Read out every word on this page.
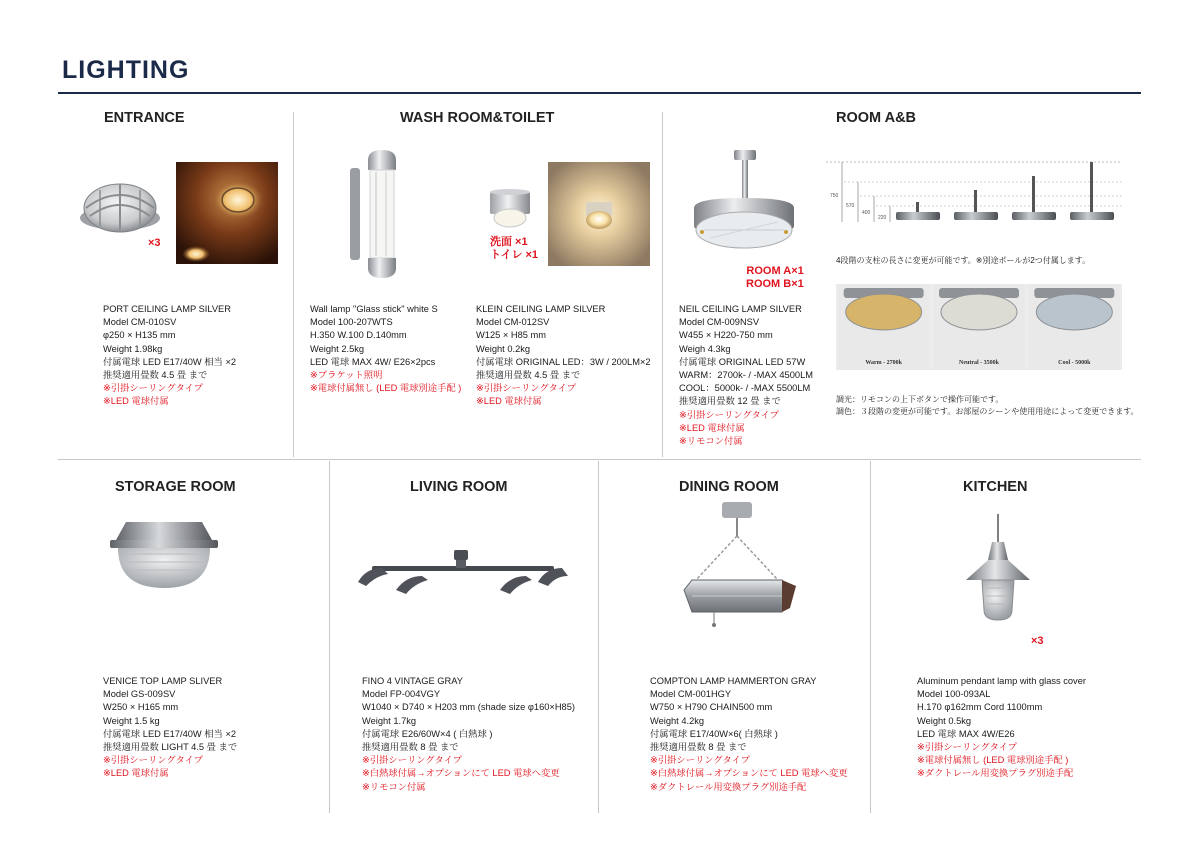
LIGHTING
ENTRANCE
×3
PORT CEILING LAMP SILVER
Model CM-010SV
φ250 × H135 mm
Weight 1.98kg
付属電球 LED E17/40W 相当 ×2
推奨適用畳数 4.5 畳 まで
※引掛シーリングタイプ
※LED 電球付属
WASH ROOM&TOILET
洗面 ×1
トイレ ×1
Wall lamp "Glass stick" white S
Model 100-207WTS
H.350 W.100 D.140mm
Weight 2.5kg
LED 電球 MAX 4W/ E26×2pcs
※ブラケット照明
※電球付属無し (LED 電球別途手配 )
KLEIN CEILING LAMP SILVER
Model CM-012SV
W125 × H85 mm
Weight 0.2kg
付属電球 ORIGINAL LED：3W / 200LM×2
推奨適用畳数 4.5 畳 まで
※引掛シーリングタイプ
※LED 電球付属
ROOM A×1
ROOM B×1
NEIL CEILING LAMP SILVER
Model CM-009NSV
W455 × H220-750 mm
Weigh 4.3kg
付属電球 ORIGINAL LED 57W
WARM：2700k- / -MAX 4500LM
COOL：5000k- / -MAX 5500LM
推奨適用畳数 12 畳 まで
※引掛シーリングタイプ
※LED 電球付属
※リモコン付属
ROOM A&B
750
570
400
220
4段階の支柱の長さに変更が可能です。※別途ポールが2つ付属します。
Warm - 2700k	Neutral - 3500k	Cool - 5000k
調光：リモコンの上下ボタンで操作可能です。
調色：３段階の変更が可能です。お部屋のシーンや使用用途によって変更できます。
STORAGE ROOM
VENICE TOP LAMP SLIVER
Model GS-009SV
W250 × H165 mm
Weight 1.5 kg
付属電球 LED E17/40W 相当 ×2
推奨適用畳数 LIGHT 4.5 畳 まで
※引掛シーリングタイプ
※LED 電球付属
LIVING ROOM
FINO 4 VINTAGE GRAY
Model FP-004VGY
W1040 × D740 × H203 mm (shade size φ160×H85)
Weight 1.7kg
付属電球 E26/60W×4 ( 白熱球 )
推奨適用畳数 8 畳 まで
※引掛シーリングタイプ
※白熱球付属→オプションにて LED 電球へ変更
※リモコン付属
DINING ROOM
COMPTON LAMP HAMMERTON GRAY
Model CM-001HGY
W750 × H790 CHAIN500 mm
Weight 4.2kg
付属電球 E17/40W×6( 白熱球 )
推奨適用畳数 8 畳 まで
※引掛シーリングタイプ
※白熱球付属→オプションにて LED 電球へ変更
※ダクトレール用変換プラグ別途手配
KITCHEN
×3
Aluminum pendant lamp with glass cover
Model 100-093AL
H.170 φ162mm Cord 1100mm
Weight 0.5kg
LED 電球 MAX 4W/E26
※引掛シーリングタイプ
※電球付属無し (LED 電球別途手配 )
※ダクトレール用変換プラグ別途手配
